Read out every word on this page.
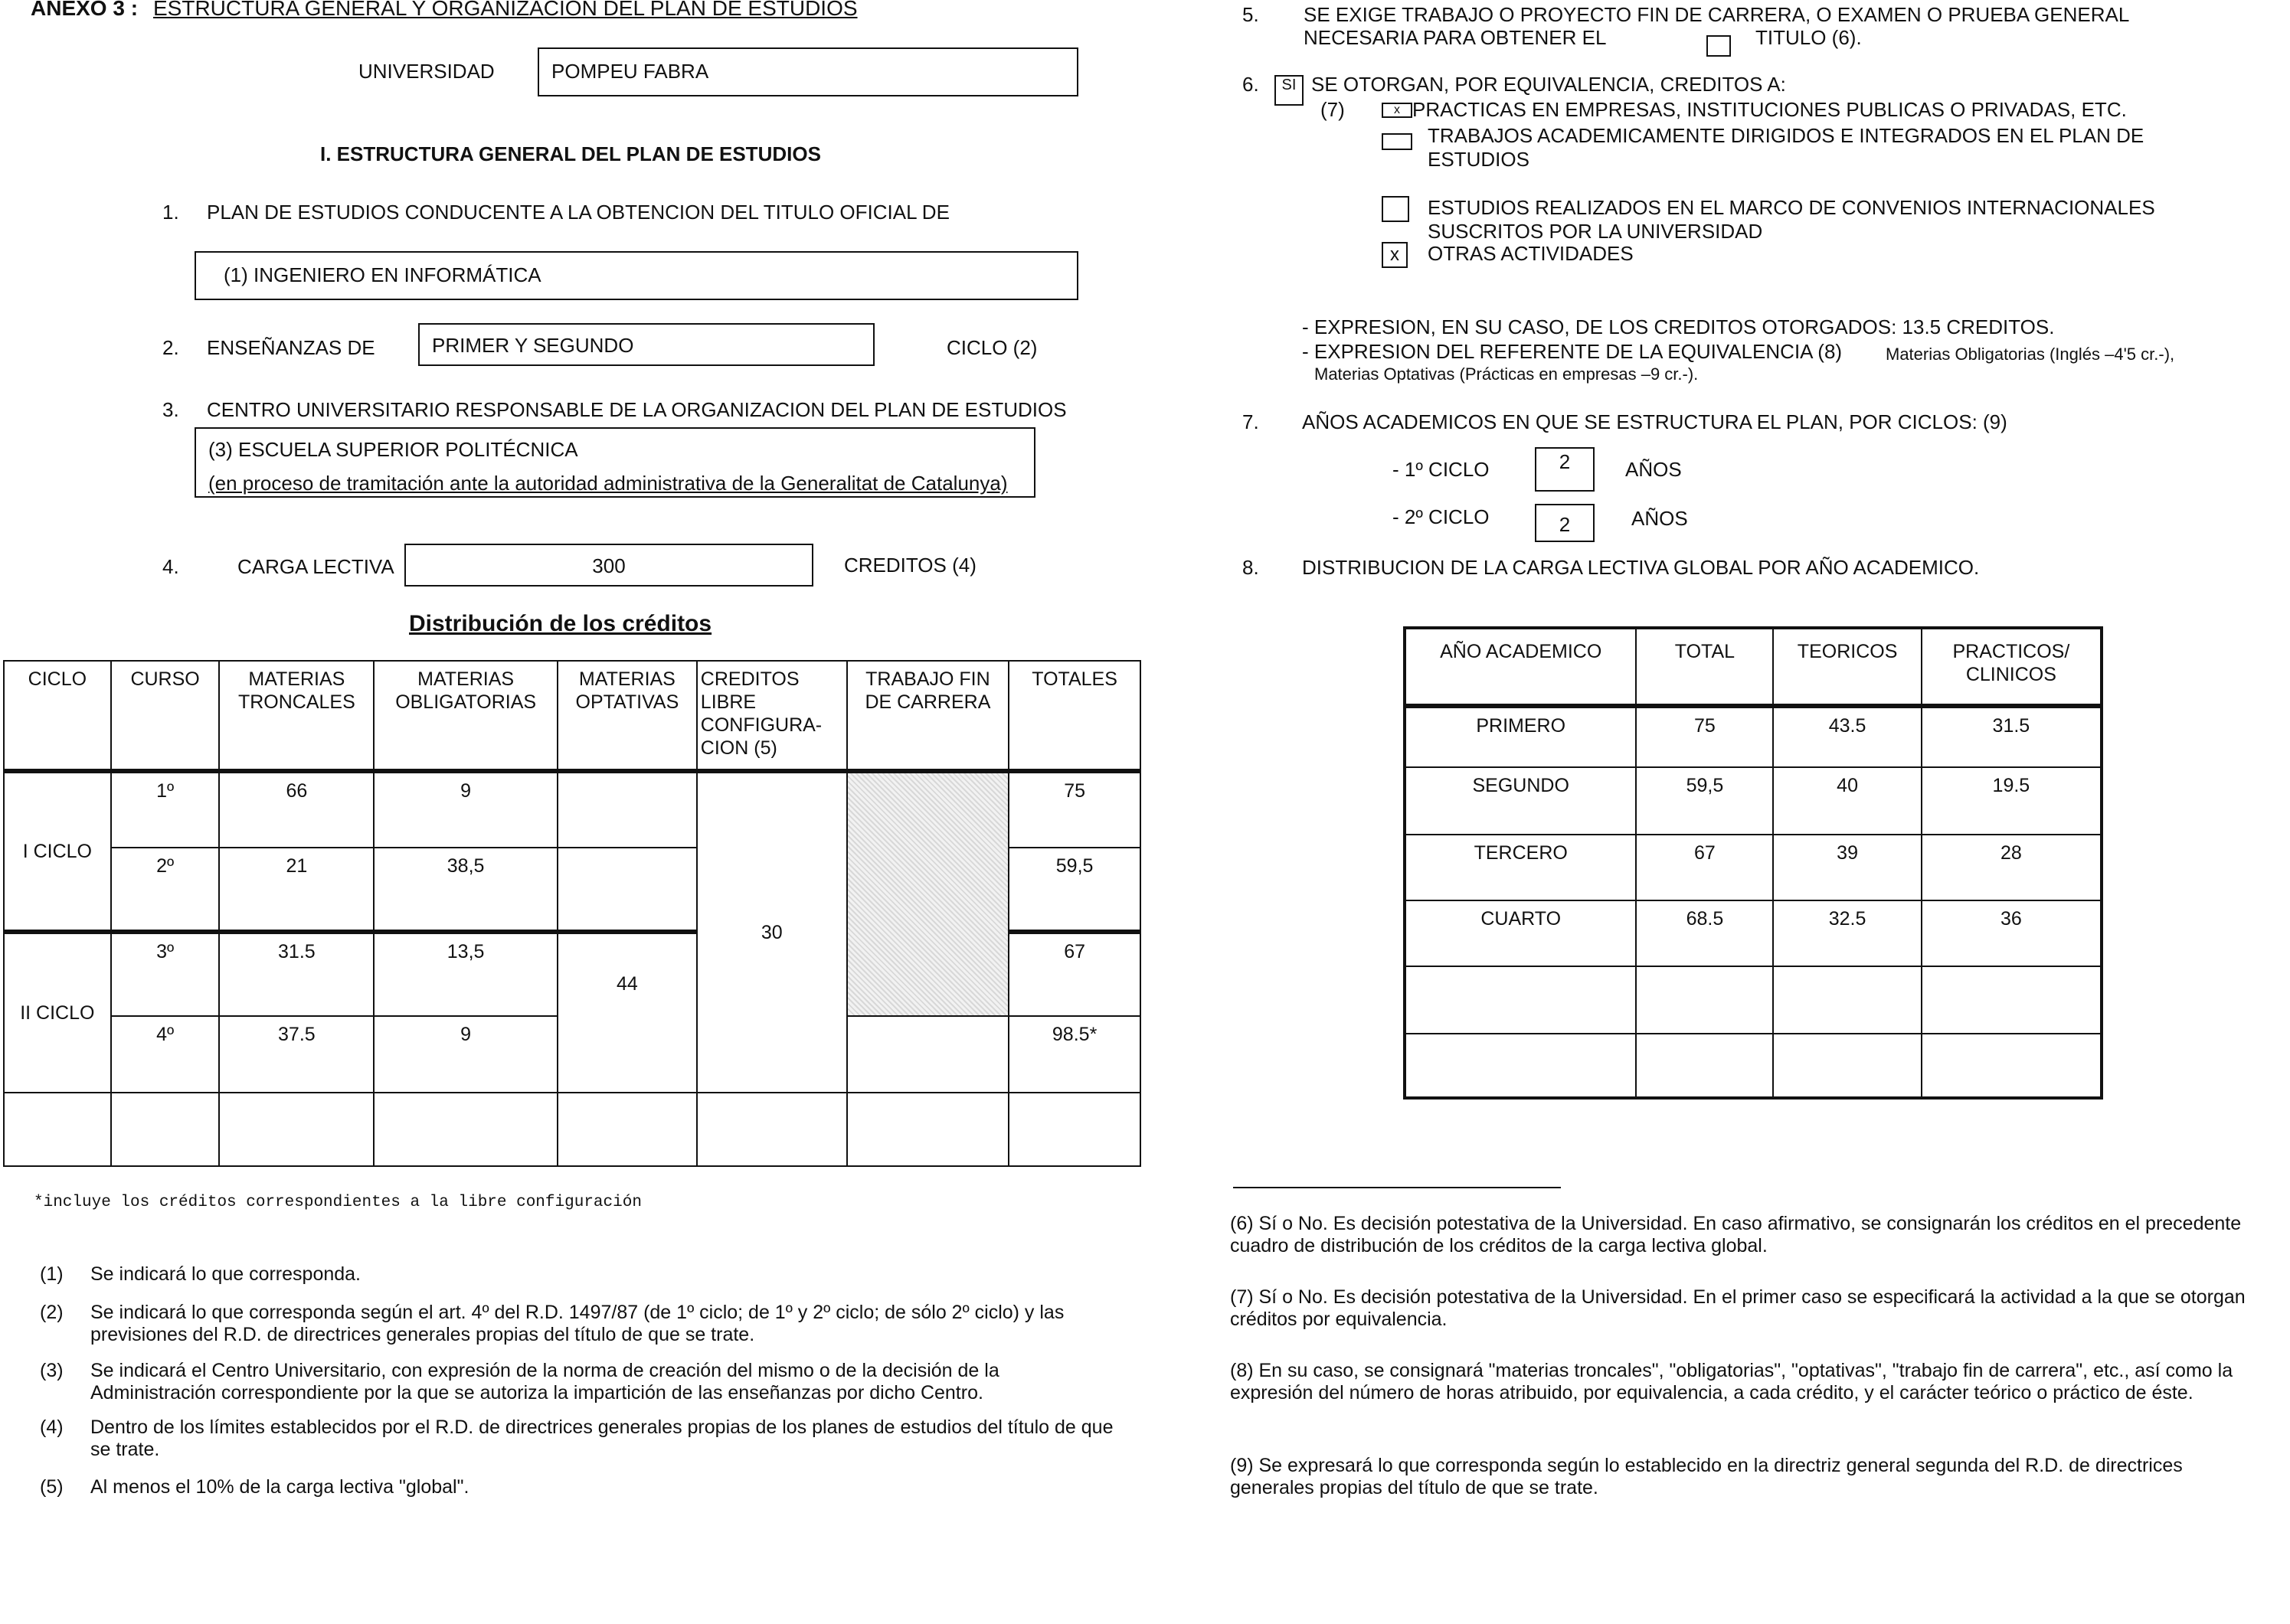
ANEXO 3 : ESTRUCTURA GENERAL Y ORGANIZACION DEL PLAN DE ESTUDIOS
UNIVERSIDAD	POMPEU FABRA
I. ESTRUCTURA GENERAL DEL PLAN DE ESTUDIOS
1. PLAN DE ESTUDIOS CONDUCENTE A LA OBTENCION DEL TITULO OFICIAL DE
(1) INGENIERO EN INFORMÁTICA
2. ENSEÑANZAS DE	PRIMER Y SEGUNDO	CICLO (2)
3. CENTRO UNIVERSITARIO RESPONSABLE DE LA ORGANIZACION DEL PLAN DE ESTUDIOS
(3) ESCUELA SUPERIOR POLITÉCNICA
(en proceso de tramitación ante la autoridad administrativa de la Generalitat de Catalunya)
4.	CARGA LECTIVA	300	CREDITOS (4)
Distribución de los créditos
CICLO	CURSO	MATERIAS TRONCALES	MATERIAS OBLIGATORIAS	MATERIAS OPTATIVAS	CREDITOS LIBRE CONFIGURA-CION (5)	TRABAJO FIN DE CARRERA	TOTALES
I CICLO	1º	66	9		30		75
	2º	21	38,5				59,5
II CICLO	3º	31.5	13,5	44			67
	4º	37.5	9				98.5*

*incluye los créditos correspondientes a la libre configuración
(1) Se indicará lo que corresponda.
(2) Se indicará lo que corresponda según el art. 4º del R.D. 1497/87 (de 1º ciclo; de 1º y 2º ciclo; de sólo 2º ciclo) y las previsiones del R.D. de directrices generales propias del título de que se trate.
(3) Se indicará el Centro Universitario, con expresión de la norma de creación del mismo o de la decisión de la Administración correspondiente por la que se autoriza la impartición de las enseñanzas por dicho Centro.
(4) Dentro de los límites establecidos por el R.D. de directrices generales propias de los planes de estudios del título de que se trate.
(5) Al menos el 10% de la carga lectiva "global".
5. SE EXIGE TRABAJO O PROYECTO FIN DE CARRERA, O EXAMEN O PRUEBA GENERAL
NECESARIA PARA OBTENER EL	TITULO (6).
6.	SI SE OTORGAN, POR EQUIVALENCIA, CREDITOS A:
(7)	x PRACTICAS EN EMPRESAS, INSTITUCIONES PUBLICAS O PRIVADAS, ETC.
TRABAJOS ACADEMICAMENTE DIRIGIDOS E INTEGRADOS EN EL PLAN DE
ESTUDIOS
ESTUDIOS REALIZADOS EN EL MARCO DE CONVENIOS INTERNACIONALES
SUSCRITOS POR LA UNIVERSIDAD
x	OTRAS ACTIVIDADES
- EXPRESION, EN SU CASO, DE LOS CREDITOS OTORGADOS: 13.5 CREDITOS.
- EXPRESION DEL REFERENTE DE LA EQUIVALENCIA (8)	Materias Obligatorias (Inglés –4'5 cr.-),
Materias Optativas (Prácticas en empresas –9 cr.-).
7. AÑOS ACADEMICOS EN QUE SE ESTRUCTURA EL PLAN, POR CICLOS: (9)
- 1º CICLO	2	AÑOS
- 2º CICLO	2	AÑOS
8. DISTRIBUCION DE LA CARGA LECTIVA GLOBAL POR AÑO ACADEMICO.
AÑO ACADEMICO	TOTAL	TEORICOS	PRACTICOS/ CLINICOS
PRIMERO	75	43.5	31.5
SEGUNDO	59,5	40	19.5
TERCERO	67	39	28
CUARTO	68.5	32.5	36

(6) Sí o No. Es decisión potestativa de la Universidad. En caso afirmativo, se consignarán los créditos en el precedente cuadro de distribución de los créditos de la carga lectiva global.
(7) Sí o No. Es decisión potestativa de la Universidad. En el primer caso se especificará la actividad a la que se otorgan créditos por equivalencia.
(8) En su caso, se consignará "materias troncales", "obligatorias", "optativas", "trabajo fin de carrera", etc., así como la expresión del número de horas atribuido, por equivalencia, a cada crédito, y el carácter teórico o práctico de éste.
(9) Se expresará lo que corresponda según lo establecido en la directriz general segunda del R.D. de directrices generales propias del título de que se trate.
